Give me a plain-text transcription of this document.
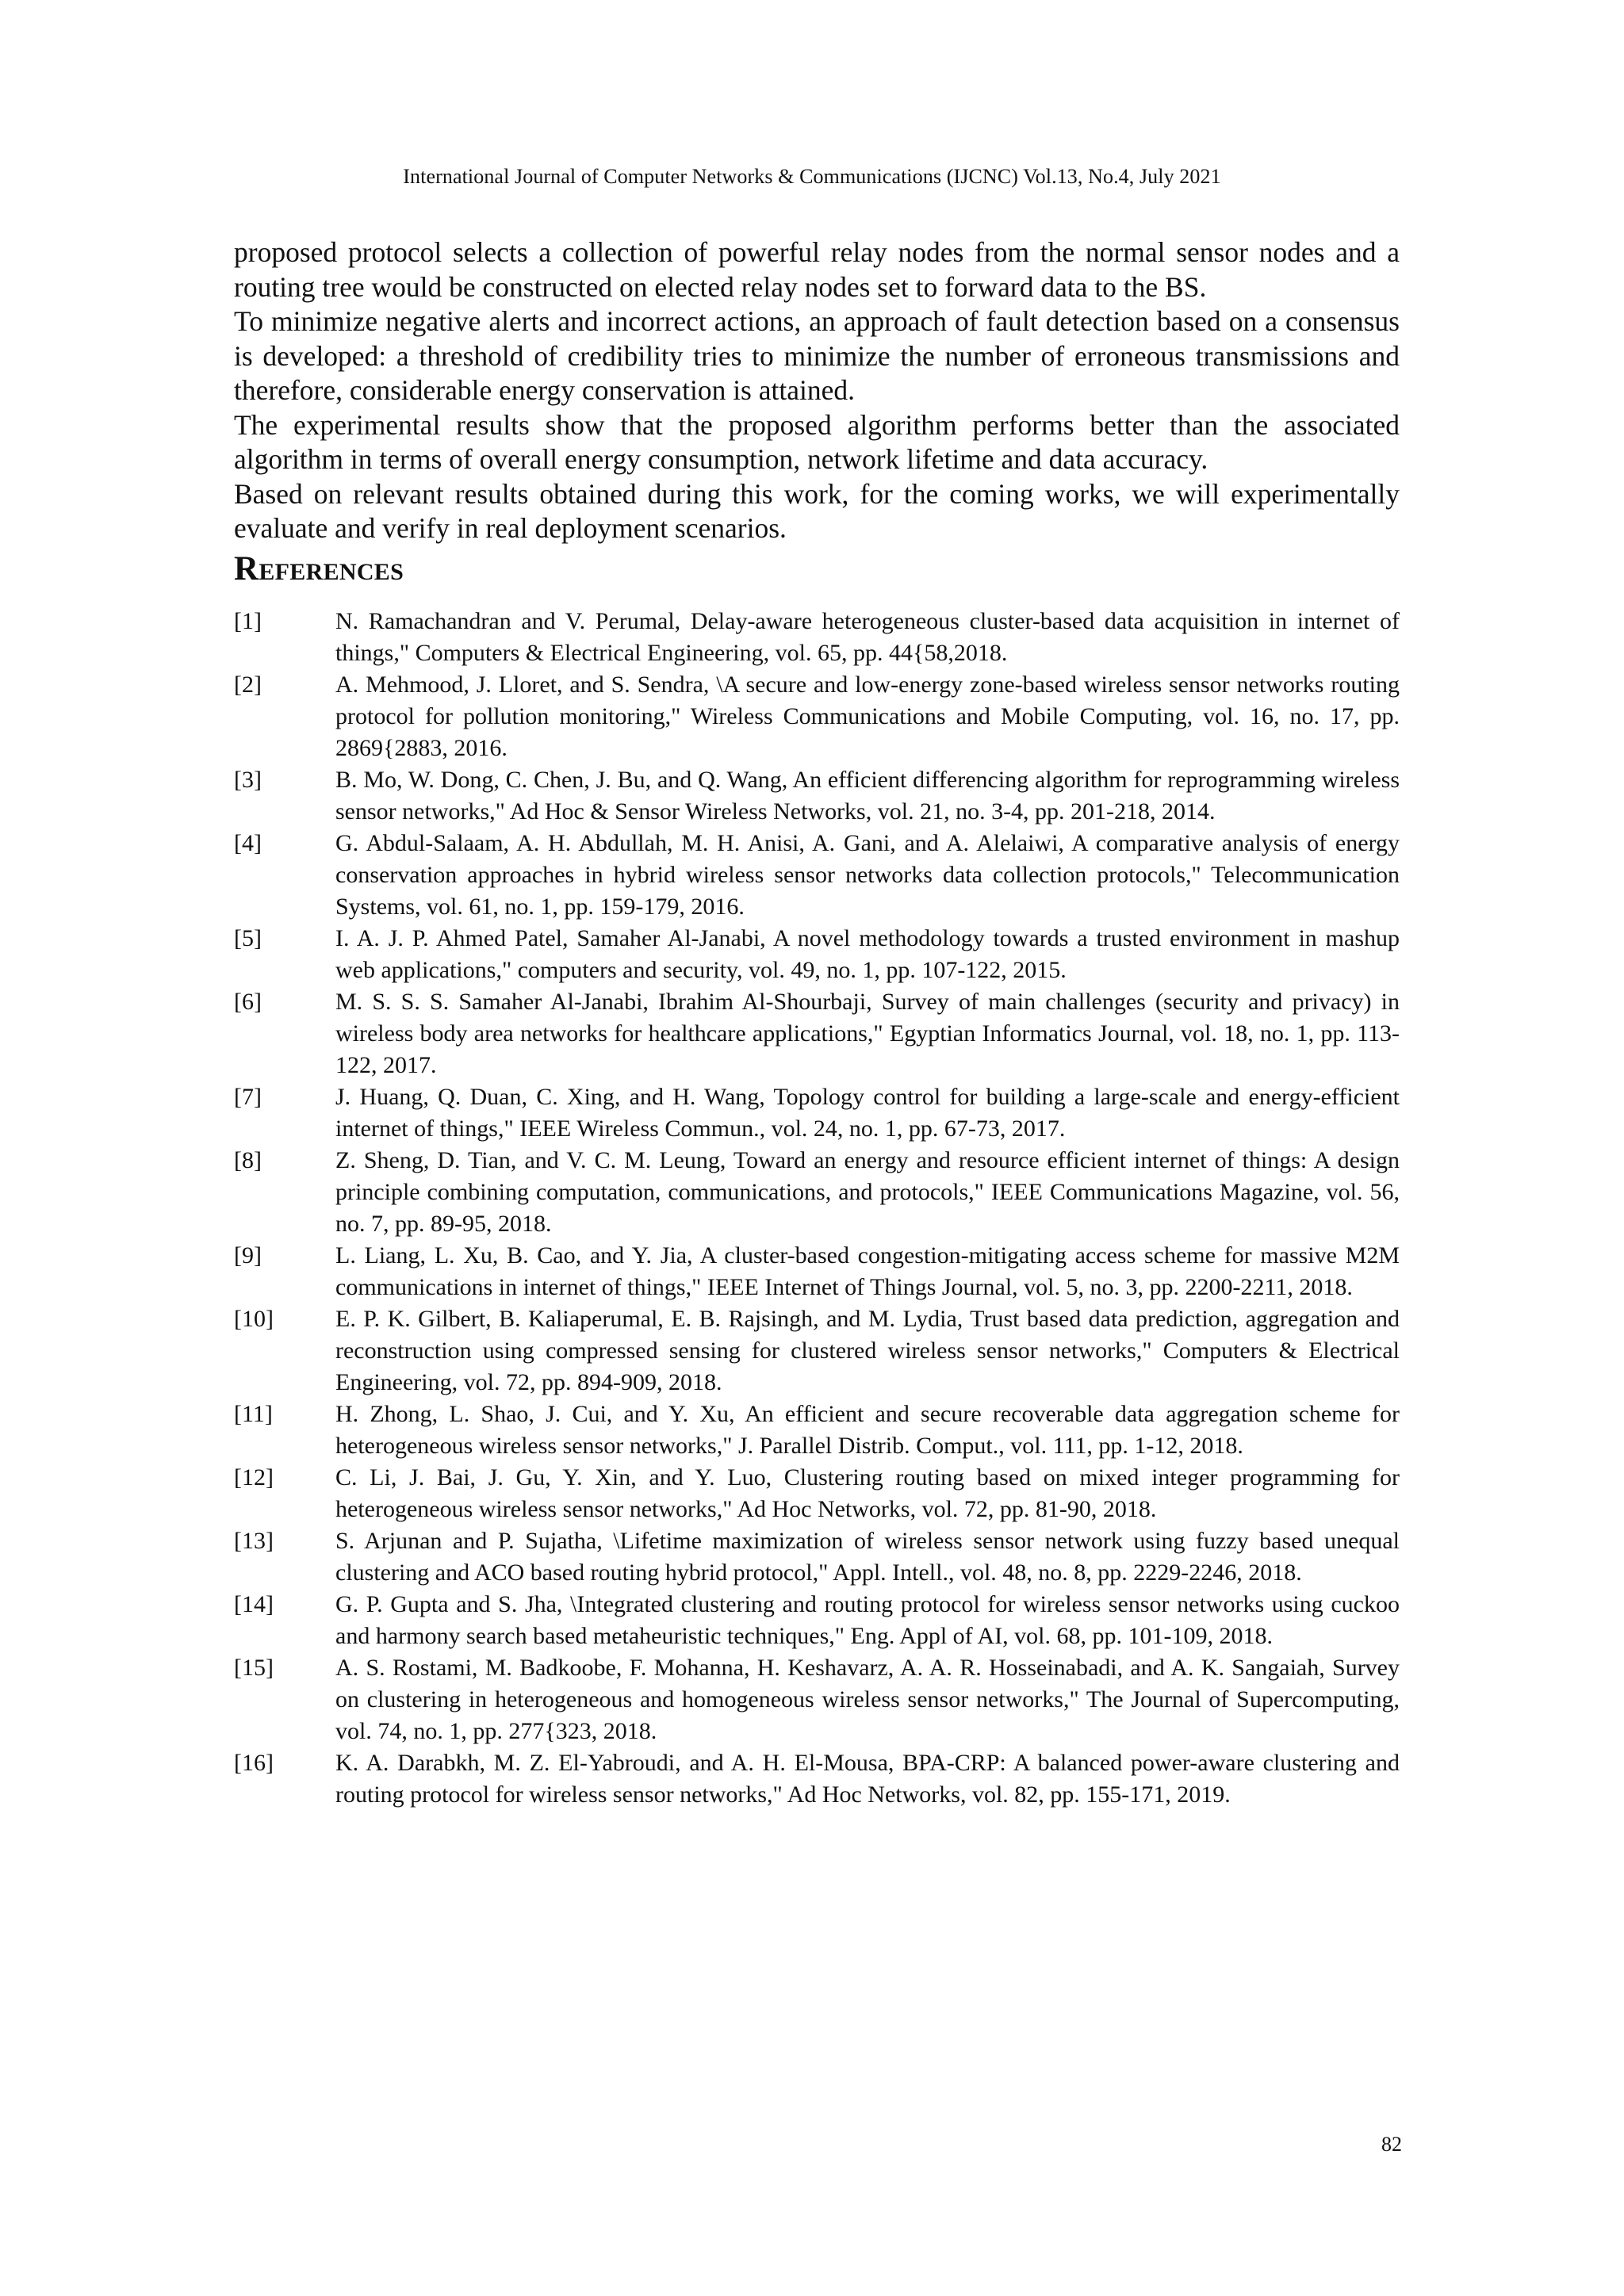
International Journal of Computer Networks & Communications (IJCNC) Vol.13, No.4, July 2021

proposed protocol selects a collection of powerful relay nodes from the normal sensor nodes and a routing tree would be constructed on elected relay nodes set to forward data to the BS.

To minimize negative alerts and incorrect actions, an approach of fault detection based on a consensus is developed: a threshold of credibility tries to minimize the number of erroneous transmissions and therefore, considerable energy conservation is attained.

The experimental results show that the proposed algorithm performs better than the associated algorithm in terms of overall energy consumption, network lifetime and data accuracy.

Based on relevant results obtained during this work, for the coming works, we will experimentally evaluate and verify in real deployment scenarios.

References
[1]	N. Ramachandran and V. Perumal, Delay-aware heterogeneous cluster-based data acquisition in internet of things," Computers & Electrical Engineering, vol. 65, pp. 44{58,2018.
[2]	A. Mehmood, J. Lloret, and S. Sendra, \A secure and low-energy zone-based wireless sensor networks routing protocol for pollution monitoring," Wireless Communications and Mobile Computing, vol. 16, no. 17, pp. 2869{2883, 2016.
[3]	B. Mo, W. Dong, C. Chen, J. Bu, and Q. Wang, An efficient differencing algorithm for reprogramming wireless sensor networks," Ad Hoc & Sensor Wireless Networks, vol. 21, no. 3-4, pp. 201-218, 2014.
[4]	G. Abdul-Salaam, A. H. Abdullah, M. H. Anisi, A. Gani, and A. Alelaiwi, A comparative analysis of energy conservation approaches in hybrid wireless sensor networks data collection protocols," Telecommunication Systems, vol. 61, no. 1, pp. 159-179, 2016.
[5]	I. A. J. P. Ahmed Patel, Samaher Al-Janabi, A novel methodology towards a trusted environment in mashup web applications," computers and security, vol. 49, no. 1, pp. 107-122, 2015.
[6]	M. S. S. S. Samaher Al-Janabi, Ibrahim Al-Shourbaji, Survey of main challenges (security and privacy) in wireless body area networks for healthcare applications," Egyptian Informatics Journal, vol. 18, no. 1, pp. 113-122, 2017.
[7]	J. Huang, Q. Duan, C. Xing, and H. Wang, Topology control for building a large-scale and energy-efficient internet of things," IEEE Wireless Commun., vol. 24, no. 1, pp. 67-73, 2017.
[8]	Z. Sheng, D. Tian, and V. C. M. Leung, Toward an energy and resource efficient internet of things: A design principle combining computation, communications, and protocols," IEEE Communications Magazine, vol. 56, no. 7, pp. 89-95, 2018.
[9]	L. Liang, L. Xu, B. Cao, and Y. Jia, A cluster-based congestion-mitigating access scheme for massive M2M communications in internet of things," IEEE Internet of Things Journal, vol. 5, no. 3, pp. 2200-2211, 2018.
[10]	E. P. K. Gilbert, B. Kaliaperumal, E. B. Rajsingh, and M. Lydia, Trust based data prediction, aggregation and reconstruction using compressed sensing for clustered wireless sensor networks," Computers & Electrical Engineering, vol. 72, pp. 894-909, 2018.
[11]	H. Zhong, L. Shao, J. Cui, and Y. Xu, An efficient and secure recoverable data aggregation scheme for heterogeneous wireless sensor networks," J. Parallel Distrib. Comput., vol. 111, pp. 1-12, 2018.
[12]	C. Li, J. Bai, J. Gu, Y. Xin, and Y. Luo, Clustering routing based on mixed integer programming for heterogeneous wireless sensor networks," Ad Hoc Networks, vol. 72, pp. 81-90, 2018.
[13]	S. Arjunan and P. Sujatha, \Lifetime maximization of wireless sensor network using fuzzy based unequal clustering and ACO based routing hybrid protocol," Appl. Intell., vol. 48, no. 8, pp. 2229-2246, 2018.
[14]	G. P. Gupta and S. Jha, \Integrated clustering and routing protocol for wireless sensor networks using cuckoo and harmony search based metaheuristic techniques," Eng. Appl of AI, vol. 68, pp. 101-109, 2018.
[15]	A. S. Rostami, M. Badkoobe, F. Mohanna, H. Keshavarz, A. A. R. Hosseinabadi, and A. K. Sangaiah, Survey on clustering in heterogeneous and homogeneous wireless sensor networks," The Journal of Supercomputing, vol. 74, no. 1, pp. 277{323, 2018.
[16]	K. A. Darabkh, M. Z. El-Yabroudi, and A. H. El-Mousa, BPA-CRP: A balanced power-aware clustering and routing protocol for wireless sensor networks," Ad Hoc Networks, vol. 82, pp. 155-171, 2019.
82
